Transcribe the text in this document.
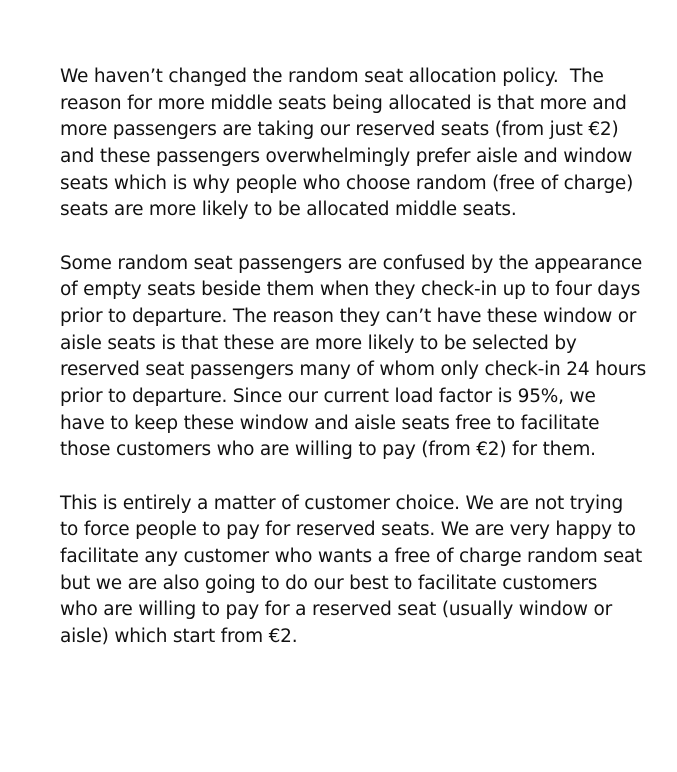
We haven’t changed the random seat allocation policy.  The
reason for more middle seats being allocated is that more and
more passengers are taking our reserved seats (from just €2)
and these passengers overwhelmingly prefer aisle and window
seats which is why people who choose random (free of charge)
seats are more likely to be allocated middle seats.

Some random seat passengers are confused by the appearance
of empty seats beside them when they check-in up to four days
prior to departure. The reason they can’t have these window or
aisle seats is that these are more likely to be selected by
reserved seat passengers many of whom only check-in 24 hours
prior to departure. Since our current load factor is 95%, we
have to keep these window and aisle seats free to facilitate
those customers who are willing to pay (from €2) for them.

This is entirely a matter of customer choice. We are not trying
to force people to pay for reserved seats. We are very happy to
facilitate any customer who wants a free of charge random seat
but we are also going to do our best to facilitate customers
who are willing to pay for a reserved seat (usually window or
aisle) which start from €2.
